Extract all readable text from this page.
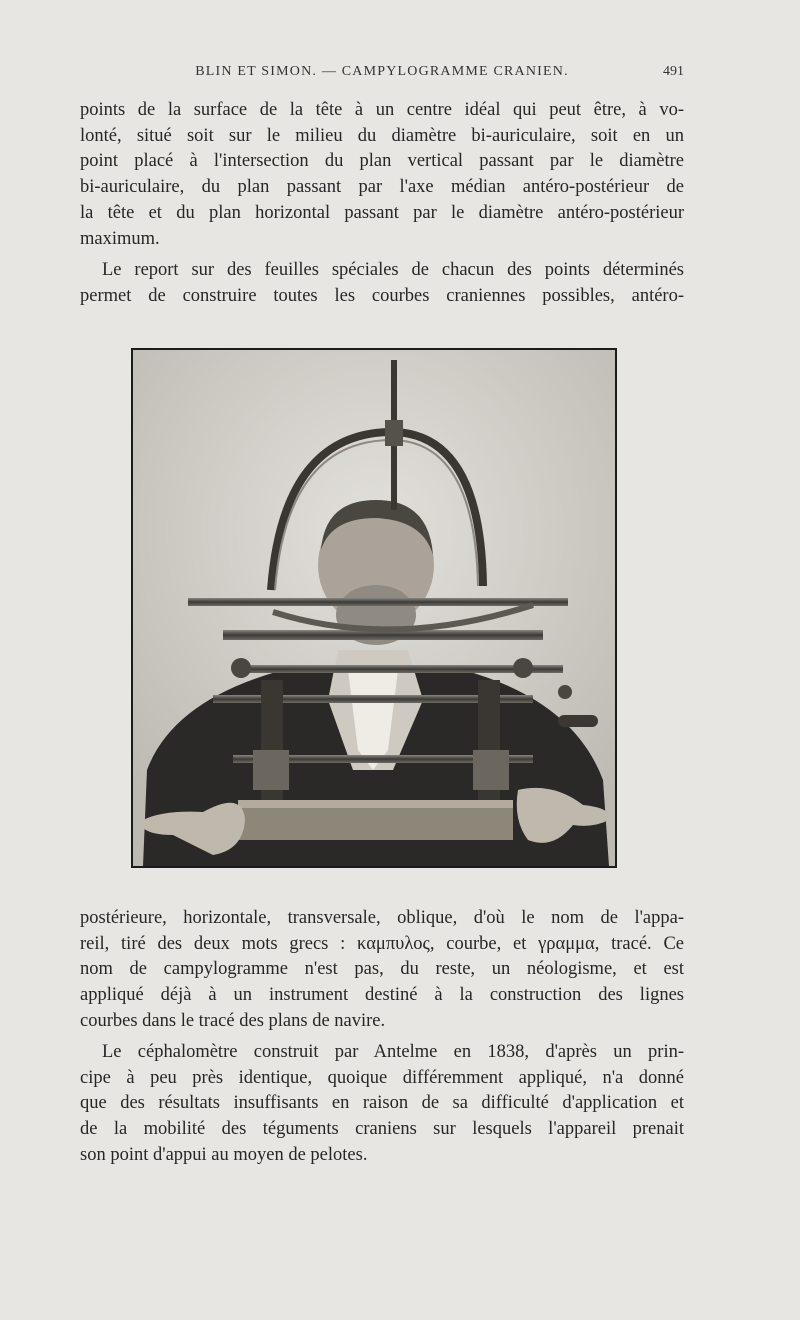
BLIN ET SIMON. — CAMPYLOGRAMME CRANIEN.	491

points de la surface de la tête à un centre idéal qui peut être, à vo-
lonté, situé soit sur le milieu du diamètre bi-auriculaire, soit en un
point placé à l'intersection du plan vertical passant par le diamètre
bi-auriculaire, du plan passant par l'axe médian antéro-postérieur de
la tête et du plan horizontal passant par le diamètre antéro-postérieur
maximum.

Le report sur des feuilles spéciales de chacun des points déterminés
permet de construire toutes les courbes craniennes possibles, antéro-

postérieure, horizontale, transversale, oblique, d'où le nom de l'appa-
reil, tiré des deux mots grecs : καμπυλος, courbe, et γραμμα, tracé. Ce
nom de campylogramme n'est pas, du reste, un néologisme, et est
appliqué déjà à un instrument destiné à la construction des lignes
courbes dans le tracé des plans de navire.

Le céphalomètre construit par Antelme en 1838, d'après un prin-
cipe à peu près identique, quoique différemment appliqué, n'a donné
que des résultats insuffisants en raison de sa difficulté d'application et
de la mobilité des téguments craniens sur lesquels l'appareil prenait
son point d'appui au moyen de pelotes.
